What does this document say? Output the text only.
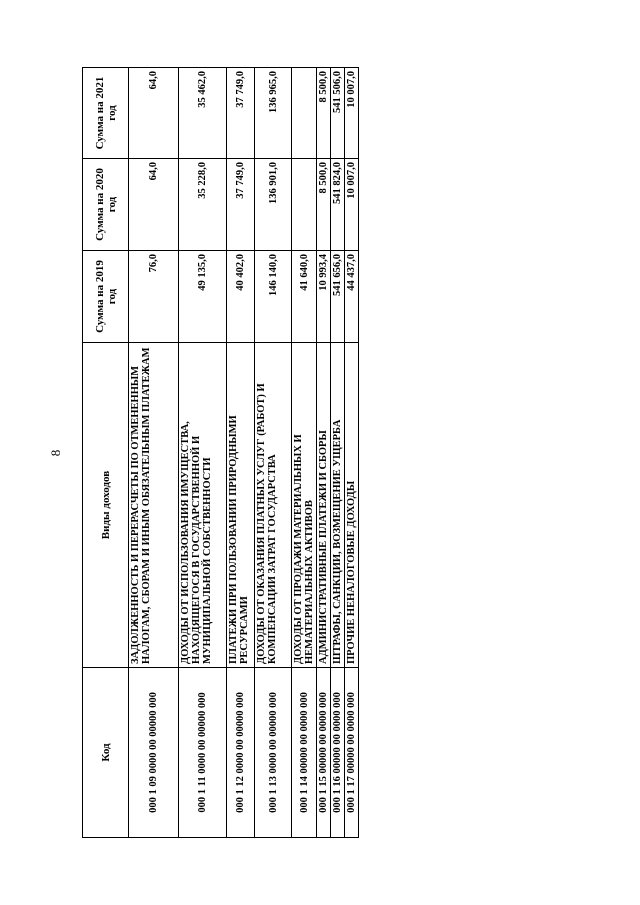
8
Код	Виды доходов	Сумма на 2019 год	Сумма на 2020 год	Сумма на 2021 год
000 1 09 0000 00 00000 000	ЗАДОЛЖЕННОСТЬ И ПЕРЕРАСЧЕТЫ ПО ОТМЕНЕННЫМ НАЛОГАМ, СБОРАМ И ИНЫМ ОБЯЗАТЕЛЬНЫМ ПЛАТЕЖАМ	76,0	64,0	64,0
000 1 11 0000 00 00000 000	ДОХОДЫ ОТ ИСПОЛЬЗОВАНИЯ ИМУЩЕСТВА, НАХОДЯЩЕГОСЯ В ГОСУДАРСТВЕННОЙ И МУНИЦИПАЛЬНОЙ СОБСТВЕННОСТИ	49 135,0	35 228,0	35 462,0
000 1 12 0000 00 00000 000	ПЛАТЕЖИ ПРИ ПОЛЬЗОВАНИИ ПРИРОДНЫМИ РЕСУРСАМИ	40 402,0	37 749,0	37 749,0
000 1 13 0000 00 00000 000	ДОХОДЫ ОТ ОКАЗАНИЯ ПЛАТНЫХ УСЛУГ (РАБОТ) И КОМПЕНСАЦИИ ЗАТРАТ ГОСУДАРСТВА	146 140,0	136 901,0	136 965,0
000 1 14 00000 00 0000 000	ДОХОДЫ ОТ ПРОДАЖИ МАТЕРИАЛЬНЫХ И НЕМАТЕРИАЛЬНЫХ АКТИВОВ	41 640,0		
000 1 15 00000 00 0000 000	АДМИНИСТРАТИВНЫЕ ПЛАТЕЖИ И СБОРЫ	10 993,4	8 500,0	8 500,0
000 1 16 00000 00 0000 000	ШТРАФЫ, САНКЦИИ, ВОЗМЕЩЕНИЕ УЩЕРБА	541 656,0	541 824,0	541 506,0
000 1 17 00000 00 0000 000	ПРОЧИЕ НЕНАЛОГОВЫЕ ДОХОДЫ	44 437,0	10 007,0	10 007,0
